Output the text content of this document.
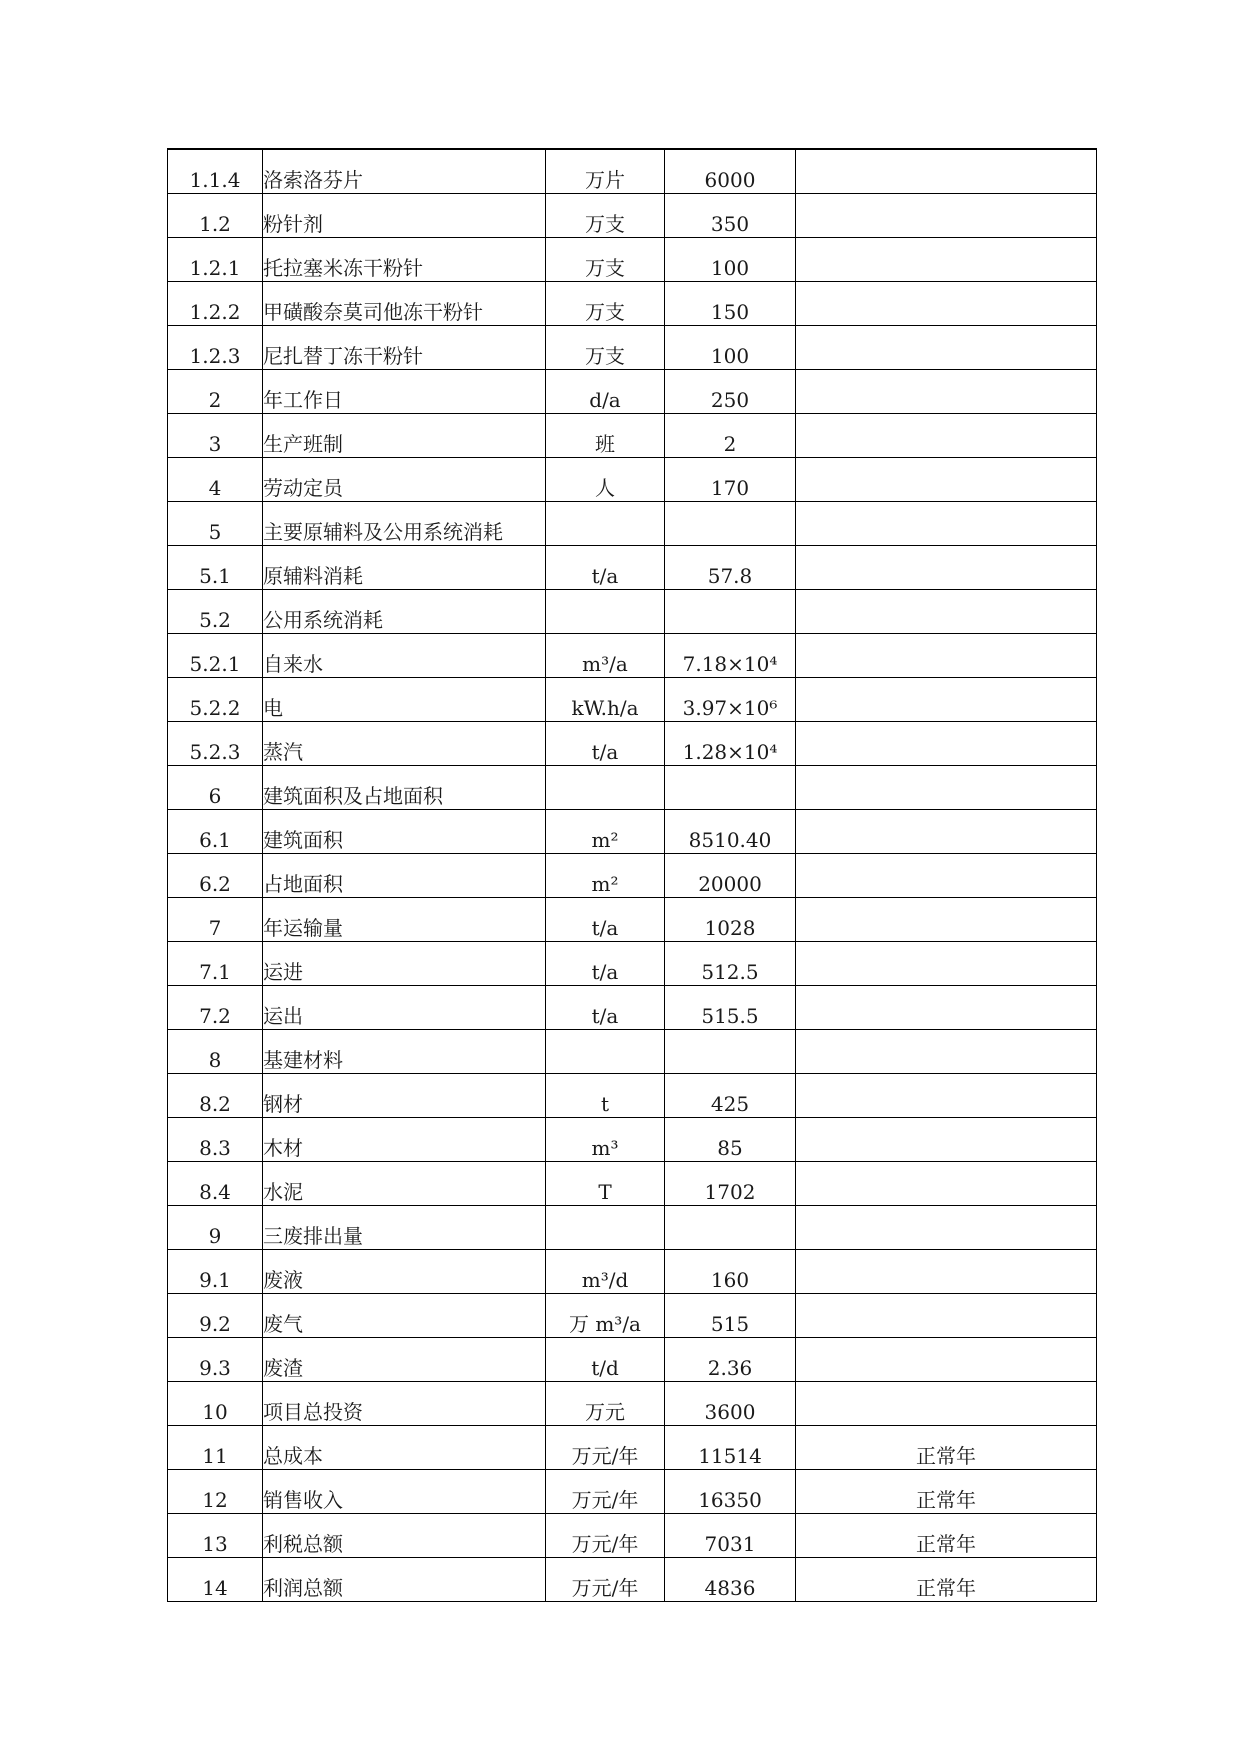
1.1.4	洛索洛芬片	万片	6000	
1.2	粉针剂	万支	350	
1.2.1	托拉塞米冻干粉针	万支	100	
1.2.2	甲磺酸奈莫司他冻干粉针	万支	150	
1.2.3	尼扎替丁冻干粉针	万支	100	
2	年工作日	d/a	250	
3	生产班制	班	2	
4	劳动定员	人	170	
5	主要原辅料及公用系统消耗			
5.1	原辅料消耗	t/a	57.8	
5.2	公用系统消耗			
5.2.1	自来水	m³/a	7.18×10⁴	
5.2.2	电	kW.h/a	3.97×10⁶	
5.2.3	蒸汽	t/a	1.28×10⁴	
6	建筑面积及占地面积			
6.1	建筑面积	m²	8510.40	
6.2	占地面积	m²	20000	
7	年运输量	t/a	1028	
7.1	运进	t/a	512.5	
7.2	运出	t/a	515.5	
8	基建材料			
8.2	钢材	t	425	
8.3	木材	m³	85	
8.4	水泥	T	1702	
9	三废排出量			
9.1	废液	m³/d	160	
9.2	废气	万 m³/a	515	
9.3	废渣	t/d	2.36	
10	项目总投资	万元	3600	
11	总成本	万元/年	11514	正常年
12	销售收入	万元/年	16350	正常年
13	利税总额	万元/年	7031	正常年
14	利润总额	万元/年	4836	正常年
